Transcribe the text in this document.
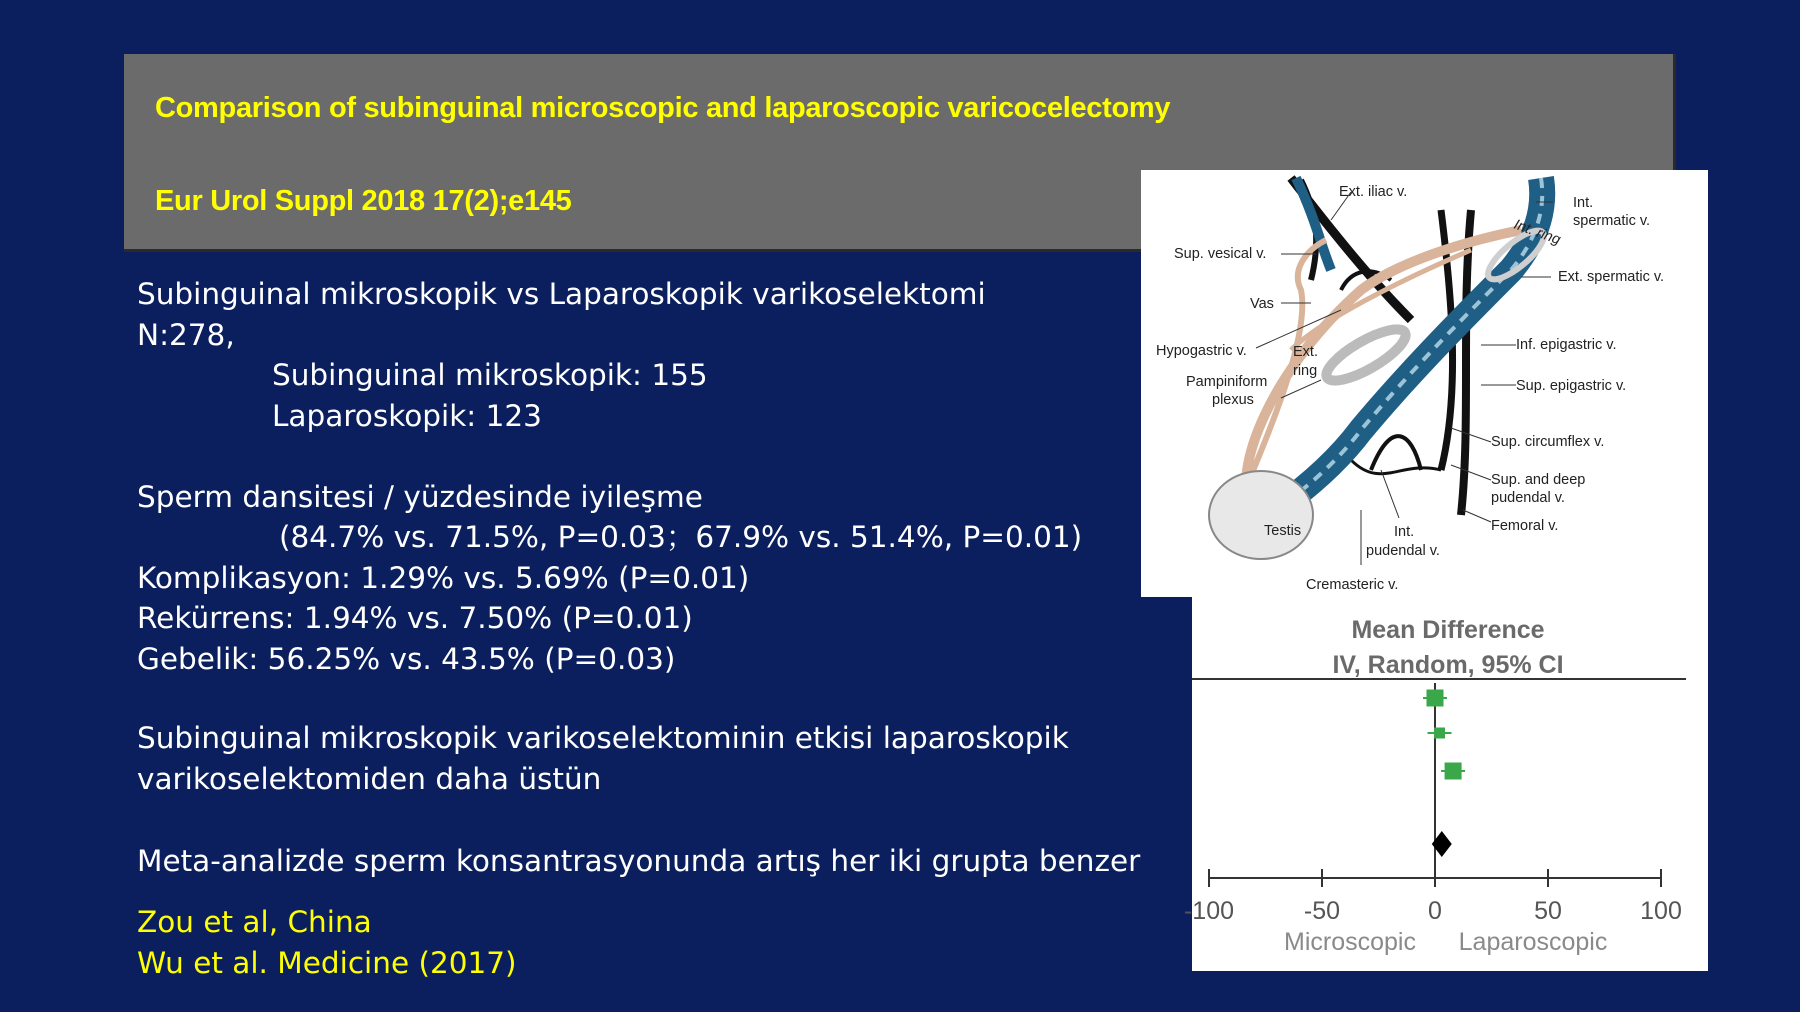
Comparison of subinguinal microscopic and laparoscopic varicocelectomy
Eur Urol Suppl 2018 17(2);e145
Subinguinal mikroskopik vs Laparoskopik varikoselektomi
N:278,
Subinguinal mikroskopik: 155
Laparoskopik: 123
Sperm dansitesi / yüzdesinde iyileşme
(84.7% vs. 71.5%, P=0.03；67.9% vs. 51.4%, P=0.01)
Komplikasyon: 1.29% vs. 5.69% (P=0.01)
Rekürrens: 1.94% vs. 7.50% (P=0.01)
Gebelik: 56.25% vs. 43.5% (P=0.03)
Subinguinal mikroskopik varikoselektominin etkisi laparoskopik
varikoselektomiden daha üstün
Meta-analizde sperm konsantrasyonunda artış her iki grupta benzer
Zou et al, China
Wu et al. Medicine (2017)
Ext. iliac v.
Int.
spermatic v.
Int. ring
Sup. vesical v.
Ext. spermatic v.
Vas
Hypogastric v.	Ext.
ring
Inf. epigastric v.
Pampiniform
plexus
Sup. epigastric v.
Sup. circumflex v.
Sup. and deep
pudendal v.
Testis	Int.
pudendal v.
Femoral v.
Cremasteric v.
Mean Difference
IV, Random, 95% CI
-100	-50	0	50	100
Microscopic Laparoscopic
